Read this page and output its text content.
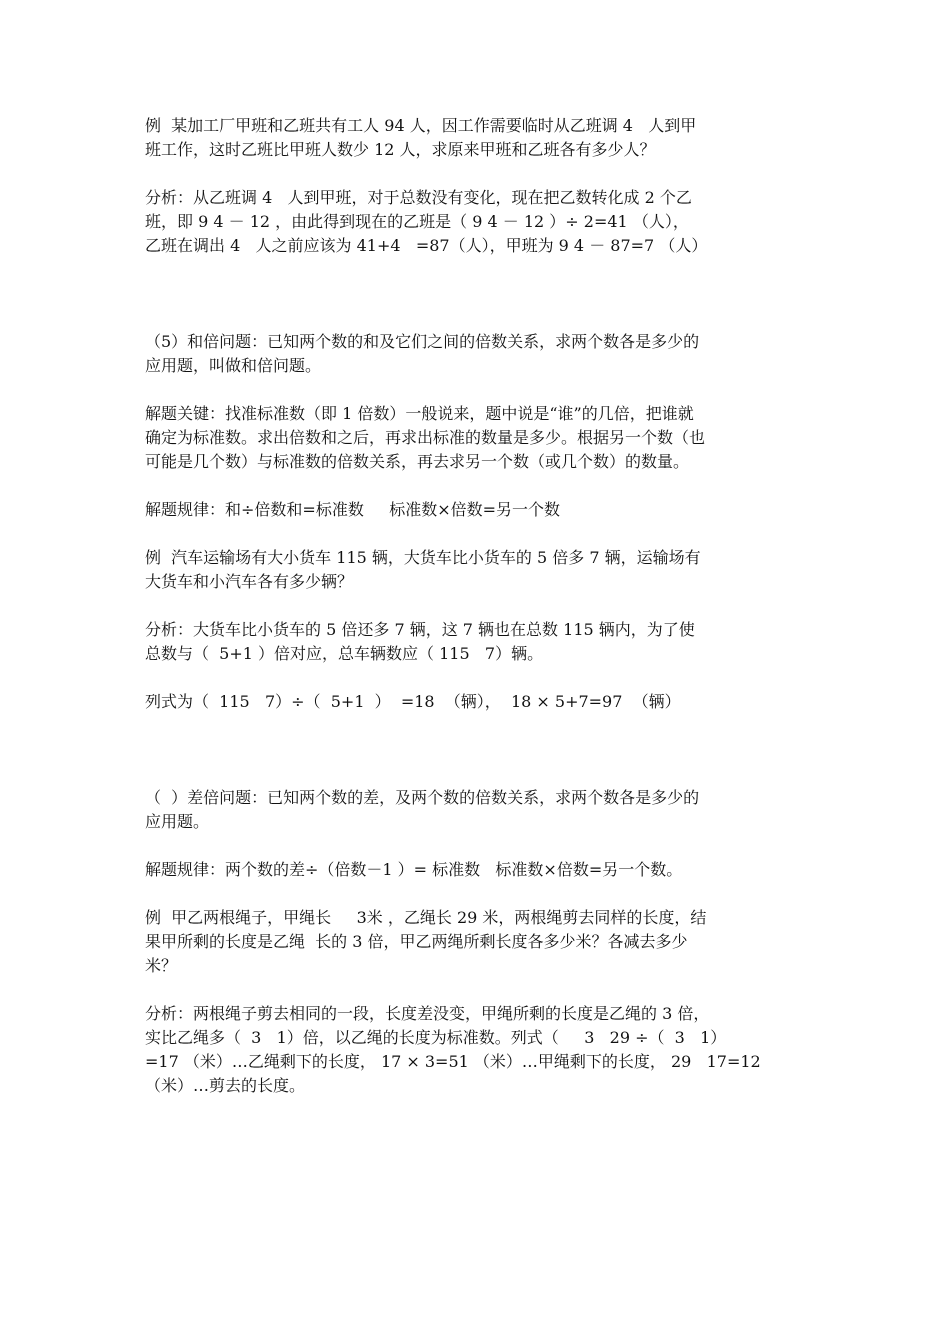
例  某加工厂甲班和乙班共有工人 94 人，因工作需要临时从乙班调 4   人到甲
班工作，这时乙班比甲班人数少 12 人，求原来甲班和乙班各有多少人？
分析：从乙班调 4   人到甲班，对于总数没有变化，现在把乙数转化成 2 个乙
班，即 9 4 － 12 ，由此得到现在的乙班是（ 9 4 － 12 ）÷ 2=41 （人），
乙班在调出 4   人之前应该为 41+4   =87（人），甲班为 9 4 － 87=7 （人）
（5）和倍问题：已知两个数的和及它们之间的倍数关系，求两个数各是多少的
应用题，叫做和倍问题。
解题关键：找准标准数（即 1 倍数）一般说来，题中说是“谁”的几倍，把谁就
确定为标准数。求出倍数和之后，再求出标准的数量是多少。根据另一个数（也
可能是几个数）与标准数的倍数关系，再去求另一个数（或几个数）的数量。
解题规律：和÷倍数和=标准数     标准数×倍数=另一个数
例  汽车运输场有大小货车 115 辆，大货车比小货车的 5 倍多 7 辆，运输场有
大货车和小汽车各有多少辆？
分析：大货车比小货车的 5 倍还多 7 辆，这 7 辆也在总数 115 辆内，为了使
总数与（  5+1 ）倍对应，总车辆数应（ 115   7）辆。
列式为（  115   7）÷（  5+1  ）  =18  （辆），  18 × 5+7=97  （辆）
（  ）差倍问题：已知两个数的差，及两个数的倍数关系，求两个数各是多少的
应用题。
解题规律：两个数的差÷（倍数－1 ）= 标准数   标准数×倍数=另一个数。
例  甲乙两根绳子，甲绳长     3米 ，乙绳长 29 米，两根绳剪去同样的长度，结
果甲所剩的长度是乙绳  长的 3 倍，甲乙两绳所剩长度各多少米？各减去多少
米？
分析：两根绳子剪去相同的一段，长度差没变，甲绳所剩的长度是乙绳的 3 倍，
实比乙绳多（  3   1）倍，以乙绳的长度为标准数。列式（     3   29 ÷（  3   1）
=17 （米）…乙绳剩下的长度， 17 × 3=51 （米）…甲绳剩下的长度， 29   17=12
（米）…剪去的长度。
